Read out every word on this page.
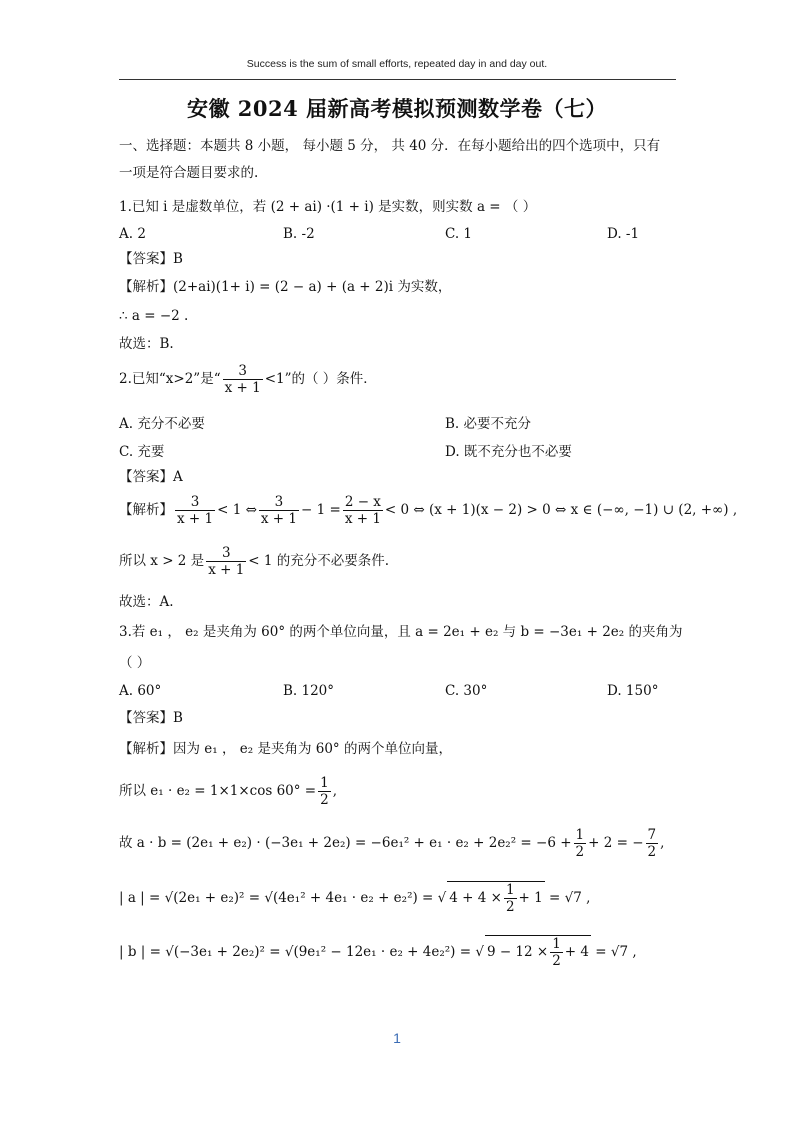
Success is the sum of small efforts, repeated day in and day out.
安徽 2024 届新高考模拟预测数学卷（七）
一、选择题：本题共 8 小题， 每小题 5 分， 共 40 分．在每小题给出的四个选项中，只有
一项是符合题目要求的.
1.已知 i 是虚数单位，若 (2 + ai) ·(1 + i) 是实数，则实数 a = （ ）
A. 2	B. -2	C. 1	D. -1
【答案】B
【解析】(2+ai)(1+ i) = (2 − a) + (a + 2)i 为实数，
∴ a = −2 .
故选：B.
2.已知“x>2”是“ $\frac{3}{x + 1} <1$”的（ ）条件．
A. 充分不必要	B. 必要不充分
C. 充要	D. 既不充分也不必要
【答案】A
【解析】 $\frac{3}{x + 1} < 1$ ⇔ $\frac{3}{x + 1} - 1 = \frac{2 - x}{x + 1} < 0$ ⇔ (x + 1)(x − 2) > 0 ⇔ x ∈ (−∞, −1) ∪ (2, +∞) ,
所以 x > 2 是 $\frac{3}{x + 1} < 1$ 的充分不必要条件.
故选：A.
3.若 e₁ ， e₂ 是夹角为 60° 的两个单位向量，且 a = 2e₁ + e₂ 与 b = −3e₁ + 2e₂ 的夹角为
（ ）
A. 60°	B. 120°	C. 30°	D. 150°
【答案】B
【解析】因为 e₁ ， e₂ 是夹角为 60° 的两个单位向量，
所以 e₁ · e₂ = 1×1×cos $60^\circ = \frac{1}{2}$ ,
故 $a \cdot b = (2e_1 + e_2) \cdot (-3e_1 + 2e_2) = -6e_1^2 + e_1 \cdot e_2 + 2e_2^2 = -6 + \frac{1}{2} + 2$ = − $\frac{7}{2}$ ,
| a | = √(2e₁ + e₂)² = √(4e₁² + 4e₁ · e₂ + e₂²) = √ $4 + 4 \times \frac{1}{2} + 1 = √7$ ,
| b | = √(−3e₁ + 2e₂)² = √(9e₁² − 12e₁ · e₂ + 4e₂²) = √ $9 - 12 \times \frac{1}{2} + 4 = √7$ ,
1
